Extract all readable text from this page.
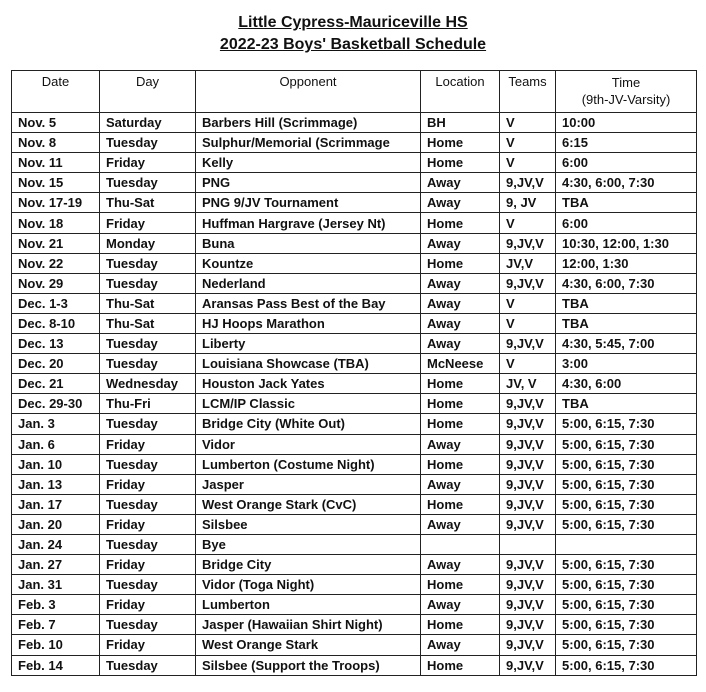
Little Cypress-Mauriceville HS
2022-23 Boys' Basketball Schedule
Date	Day	Opponent	Location	Teams	Time
(9th-JV-Varsity)
Nov. 5	Saturday	Barbers Hill (Scrimmage)	BH	V	10:00
Nov. 8	Tuesday	Sulphur/Memorial (Scrimmage	Home	V	6:15
Nov. 11	Friday	Kelly	Home	V	6:00
Nov. 15	Tuesday	PNG	Away	9,JV,V	4:30, 6:00, 7:30
Nov. 17-19	Thu-Sat	PNG 9/JV Tournament	Away	9, JV	TBA
Nov. 18	Friday	Huffman Hargrave (Jersey Nt)	Home	V	6:00
Nov. 21	Monday	Buna	Away	9,JV,V	10:30, 12:00, 1:30
Nov. 22	Tuesday	Kountze	Home	JV,V	12:00, 1:30
Nov. 29	Tuesday	Nederland	Away	9,JV,V	4:30, 6:00, 7:30
Dec. 1-3	Thu-Sat	Aransas Pass Best of the Bay	Away	V	TBA
Dec. 8-10	Thu-Sat	HJ Hoops Marathon	Away	V	TBA
Dec. 13	Tuesday	Liberty	Away	9,JV,V	4:30, 5:45, 7:00
Dec. 20	Tuesday	Louisiana Showcase (TBA)	McNeese	V	3:00
Dec. 21	Wednesday	Houston Jack Yates	Home	JV, V	4:30, 6:00
Dec. 29-30	Thu-Fri	LCM/IP Classic	Home	9,JV,V	TBA
Jan. 3	Tuesday	Bridge City (White Out)	Home	9,JV,V	5:00, 6:15, 7:30
Jan. 6	Friday	Vidor	Away	9,JV,V	5:00, 6:15, 7:30
Jan. 10	Tuesday	Lumberton (Costume Night)	Home	9,JV,V	5:00, 6:15, 7:30
Jan. 13	Friday	Jasper	Away	9,JV,V	5:00, 6:15, 7:30
Jan. 17	Tuesday	West Orange Stark (CvC)	Home	9,JV,V	5:00, 6:15, 7:30
Jan. 20	Friday	Silsbee	Away	9,JV,V	5:00, 6:15, 7:30
Jan. 24	Tuesday	Bye			
Jan. 27	Friday	Bridge City	Away	9,JV,V	5:00, 6:15, 7:30
Jan. 31	Tuesday	Vidor (Toga Night)	Home	9,JV,V	5:00, 6:15, 7:30
Feb. 3	Friday	Lumberton	Away	9,JV,V	5:00, 6:15, 7:30
Feb. 7	Tuesday	Jasper (Hawaiian Shirt Night)	Home	9,JV,V	5:00, 6:15, 7:30
Feb. 10	Friday	West Orange Stark	Away	9,JV,V	5:00, 6:15, 7:30
Feb. 14	Tuesday	Silsbee (Support the Troops)	Home	9,JV,V	5:00, 6:15, 7:30
